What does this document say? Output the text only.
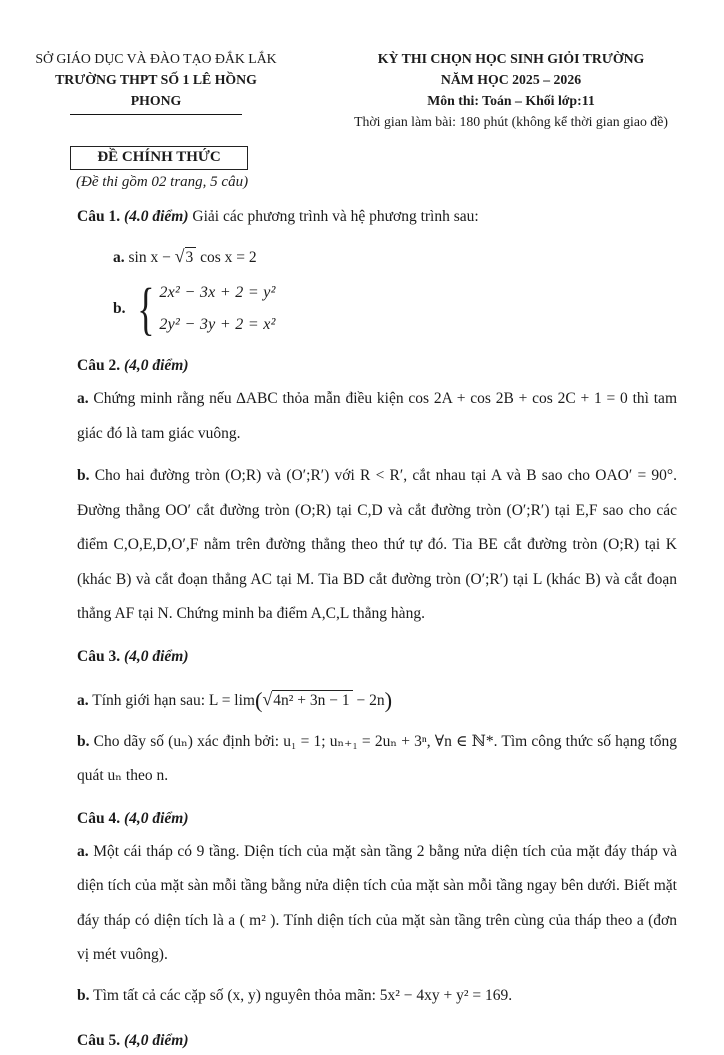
SỞ GIÁO DỤC VÀ ĐÀO TẠO ĐẮK LẮK
TRƯỜNG THPT SỐ 1 LÊ HỒNG PHONG
KỲ THI CHỌN HỌC SINH GIỎI TRƯỜNG
NĂM HỌC 2025 – 2026
Môn thi: Toán – Khối lớp:11
Thời gian làm bài: 180 phút (không kể thời gian giao đề)
ĐỀ CHÍNH THỨC
(Đề thi gồm 02 trang, 5 câu)

Câu 1. (4.0 điểm) Giải các phương trình và hệ phương trình sau:

a. sin x − √3 cos x = 2

b. { 2x² − 3x + 2 = y²
2y² − 3y + 2 = x²

Câu 2. (4,0 điểm)

a. Chứng minh rằng nếu ∆ABC thỏa mẫn điều kiện cos 2A + cos 2B + cos 2C + 1 = 0 thì tam giác đó là tam giác vuông.

b. Cho hai đường tròn (O;R) và (O′;R′) với R < R′, cắt nhau tại A và B sao cho OAO′ = 90°. Đường thẳng OO′ cắt đường tròn (O;R) tại C,D và cắt đường tròn (O′;R′) tại E,F sao cho các điểm C,O,E,D,O′,F nằm trên đường thẳng theo thứ tự đó. Tia BE cắt đường tròn (O;R) tại K (khác B) và cắt đoạn thẳng AC tại M. Tia BD cắt đường tròn (O′;R′) tại L (khác B) và cắt đoạn thẳng AF tại N. Chứng minh ba điểm A,C,L thẳng hàng.

Câu 3. (4,0 điểm)

a. Tính giới hạn sau: L = lim(√4n² + 3n − 1 − 2n)

b. Cho dãy số (uₙ) xác định bởi: u₁ = 1; uₙ₊₁ = 2uₙ + 3ⁿ, ∀n ∈ ℕ*. Tìm công thức số hạng tổng quát uₙ theo n.

Câu 4. (4,0 điểm)

a. Một cái tháp có 9 tầng. Diện tích của mặt sàn tầng 2 bằng nửa diện tích của mặt đáy tháp và diện tích của mặt sàn mỗi tầng bằng nửa diện tích của mặt sàn mỗi tầng ngay bên dưới. Biết mặt đáy tháp có diện tích là a ( m² ). Tính diện tích của mặt sàn tầng trên cùng của tháp theo a (đơn vị mét vuông).

b. Tìm tất cả các cặp số (x, y) nguyên thỏa mãn: 5x² − 4xy + y² = 169.

Câu 5. (4,0 điểm)
